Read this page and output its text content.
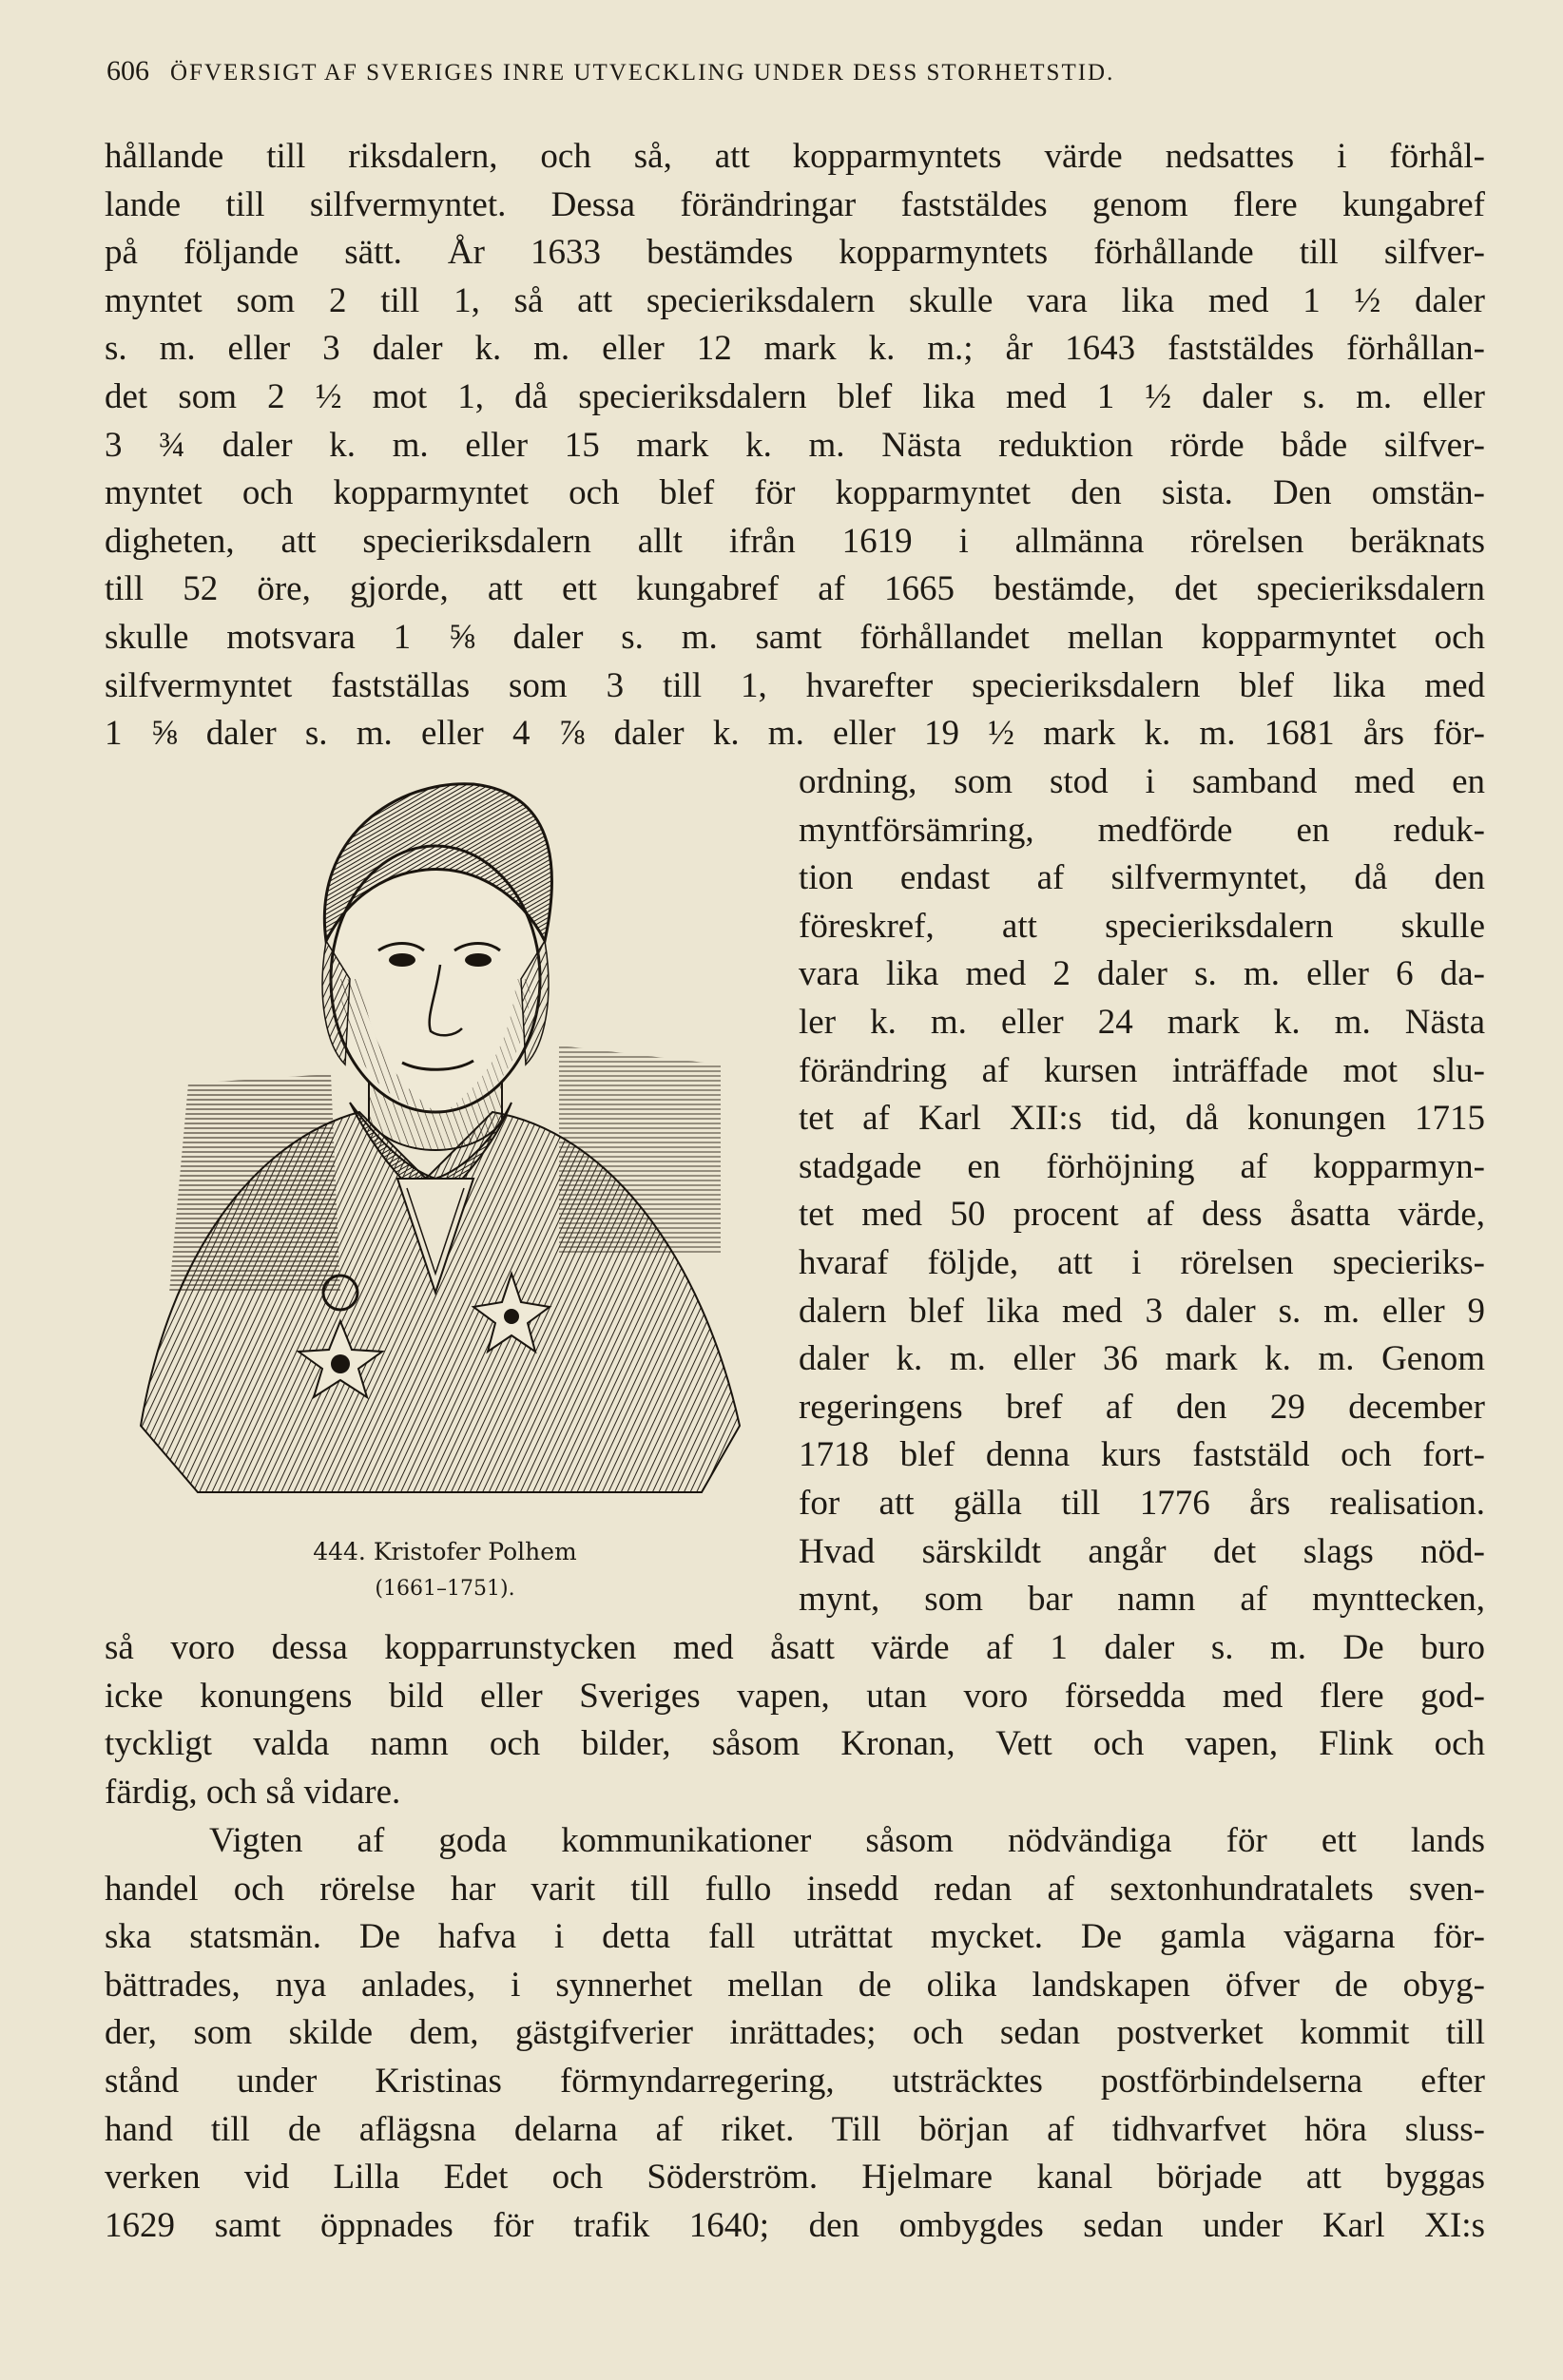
606 ÖFVERSIGT AF SVERIGES INRE UTVECKLING UNDER DESS STORHETSTID.
hållande till riksdalern, och så, att kopparmyntets värde nedsattes i förhål-
lande till silfvermyntet. Dessa förändringar faststäldes genom flere kungabref
på följande sätt. År 1633 bestämdes kopparmyntets förhållande till silfver-
myntet som 2 till 1, så att specieriksdalern skulle vara lika med 1 ½ daler
s. m. eller 3 daler k. m. eller 12 mark k. m.; år 1643 faststäldes förhållan-
det som 2 ½ mot 1, då specieriksdalern blef lika med 1 ½ daler s. m. eller
3 ¾ daler k. m. eller 15 mark k. m. Nästa reduktion rörde både silfver-
myntet och kopparmyntet och blef för kopparmyntet den sista. Den omstän-
digheten, att specieriksdalern allt ifrån 1619 i allmänna rörelsen beräknats
till 52 öre, gjorde, att ett kungabref af 1665 bestämde, det specieriksdalern
skulle motsvara 1 ⅝ daler s. m. samt förhållandet mellan kopparmyntet och
silfvermyntet fastställas som 3 till 1, hvarefter specieriksdalern blef lika med
1 ⅝ daler s. m. eller 4 ⅞ daler k. m. eller 19 ½ mark k. m. 1681 års för-
ordning, som stod i samband med en
myntförsämring, medförde en reduk-
tion endast af silfvermyntet, då den
föreskref, att specieriksdalern skulle
vara lika med 2 daler s. m. eller 6 da-
ler k. m. eller 24 mark k. m. Nästa
förändring af kursen inträffade mot slu-
tet af Karl XII:s tid, då konungen 1715
stadgade en förhöjning af kopparmyn-
tet med 50 procent af dess åsatta värde,
hvaraf följde, att i rörelsen specieriks-
dalern blef lika med 3 daler s. m. eller 9
daler k. m. eller 36 mark k. m. Genom
regeringens bref af den 29 december
1718 blef denna kurs faststäld och fort-
for att gälla till 1776 års realisation.
Hvad särskildt angår det slags nöd-
mynt, som bar namn af mynttecken,
444. Kristofer Polhem
(1661–1751).
så voro dessa kopparrunstycken med åsatt värde af 1 daler s. m. De buro
icke konungens bild eller Sveriges vapen, utan voro försedda med flere god-
tyckligt valda namn och bilder, såsom Kronan, Vett och vapen, Flink och
färdig, och så vidare.
Vigten af goda kommunikationer såsom nödvändiga för ett lands
handel och rörelse har varit till fullo insedd redan af sextonhundratalets sven-
ska statsmän. De hafva i detta fall uträttat mycket. De gamla vägarna för-
bättrades, nya anlades, i synnerhet mellan de olika landskapen öfver de obyg-
der, som skilde dem, gästgifverier inrättades; och sedan postverket kommit till
stånd under Kristinas förmyndarregering, utsträcktes postförbindelserna efter
hand till de aflägsna delarna af riket. Till början af tidhvarfvet höra sluss-
verken vid Lilla Edet och Söderström. Hjelmare kanal började att byggas
1629 samt öppnades för trafik 1640; den ombygdes sedan under Karl XI:s
